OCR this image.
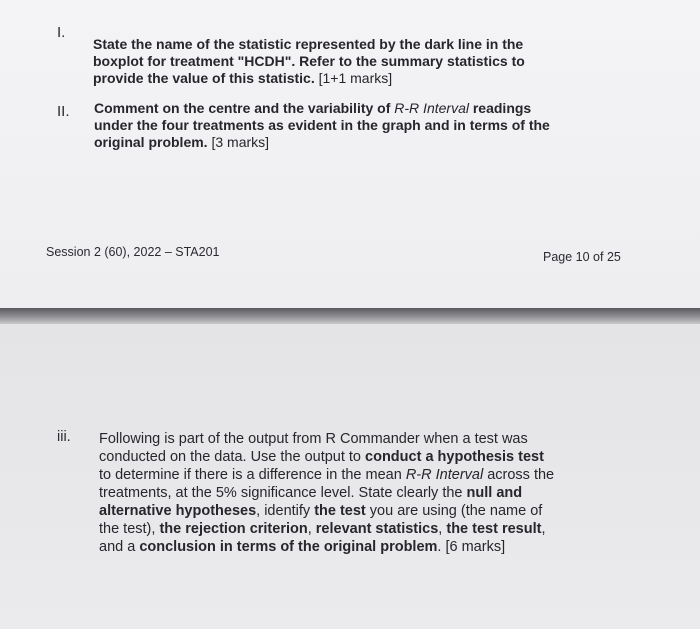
I.
State the name of the statistic represented by the dark line in the
boxplot for treatment "HCDH". Refer to the summary statistics to
provide the value of this statistic. [1+1 marks]
II. Comment on the centre and the variability of R-R Interval readings
under the four treatments as evident in the graph and in terms of the
original problem. [3 marks]
Session 2 (60), 2022 – STA201	Page 10 of 25
iii. Following is part of the output from R Commander when a test was
conducted on the data. Use the output to conduct a hypothesis test
to determine if there is a difference in the mean R-R Interval across the
treatments, at the 5% significance level. State clearly the null and
alternative hypotheses, identify the test you are using (the name of
the test), the rejection criterion, relevant statistics, the test result,
and a conclusion in terms of the original problem. [6 marks]
